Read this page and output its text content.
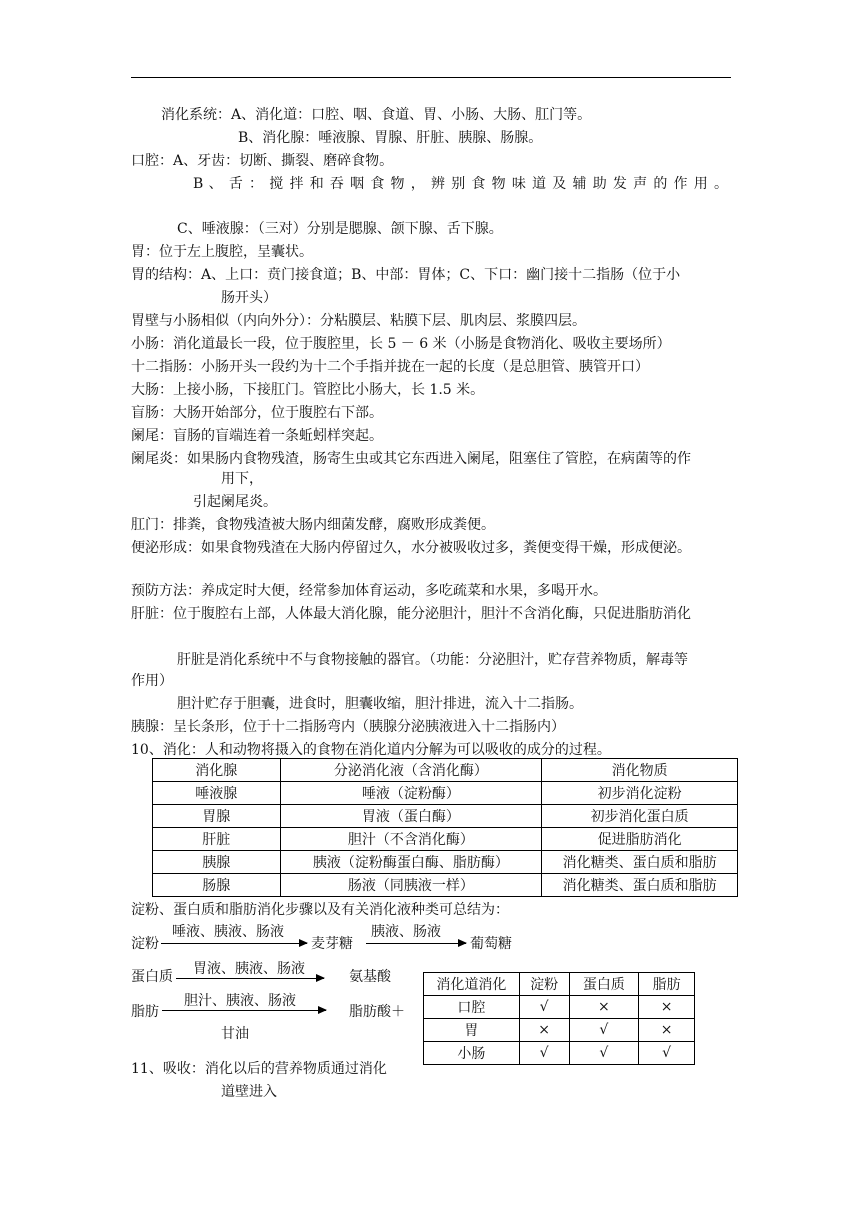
消化系统：A、消化道：口腔、咽、食道、胃、小肠、大肠、肛门等。
B、消化腺：唾液腺、胃腺、肝脏、胰腺、肠腺。
口腔：A、牙齿：切断、撕裂、磨碎食物。
B 、 舌 ： 搅 拌 和 吞 咽 食 物 ， 辨 别 食 物 味 道 及 辅 助 发 声 的 作 用 。
C、唾液腺：（三对）分别是腮腺、颌下腺、舌下腺。
胃：位于左上腹腔，呈囊状。
胃的结构：A、上口：贲门接食道；B、中部：胃体；C、下口：幽门接十二指肠（位于小
肠开头）
胃壁与小肠相似（内向外分）：分粘膜层、粘膜下层、肌肉层、浆膜四层。
小肠：消化道最长一段，位于腹腔里，长 5 － 6 米（小肠是食物消化、吸收主要场所）
十二指肠：小肠开头一段约为十二个手指并拢在一起的长度（是总胆管、胰管开口）
大肠：上接小肠，下接肛门。管腔比小肠大，长 1.5 米。
盲肠：大肠开始部分，位于腹腔右下部。
阑尾：盲肠的盲端连着一条蚯蚓样突起。
阑尾炎：如果肠内食物残渣，肠寄生虫或其它东西进入阑尾，阻塞住了管腔，在病菌等的作
用下，
引起阑尾炎。
肛门：排粪，食物残渣被大肠内细菌发酵，腐败形成粪便。
便泌形成：如果食物残渣在大肠内停留过久，水分被吸收过多，粪便变得干燥，形成便泌。
预防方法：养成定时大便，经常参加体育运动，多吃疏菜和水果，多喝开水。
肝脏：位于腹腔右上部，人体最大消化腺，能分泌胆汁，胆汁不含消化酶，只促进脂肪消化
肝脏是消化系统中不与食物接触的器官。（功能：分泌胆汁，贮存营养物质，解毒等
作用）
胆汁贮存于胆囊，进食时，胆囊收缩，胆汁排进，流入十二指肠。
胰腺：呈长条形，位于十二指肠弯内（胰腺分泌胰液进入十二指肠内）
10、消化：人和动物将摄入的食物在消化道内分解为可以吸收的成分的过程。
消化腺	分泌消化液（含消化酶）	消化物质
唾液腺	唾液（淀粉酶）	初步消化淀粉
胃腺	胃液（蛋白酶）	初步消化蛋白质
肝脏	胆汁（不含消化酶）	促进脂肪消化
胰腺	胰液（淀粉酶蛋白酶、脂肪酶）	消化糖类、蛋白质和脂肪
肠腺	肠液（同胰液一样）	消化糖类、蛋白质和脂肪
淀粉、蛋白质和脂肪消化步骤以及有关消化液种类可总结为：
淀粉
唾液、胰液、肠液
麦芽糖
胰液、肠液
葡萄糖
蛋白质 胃液、胰液、肠液	氨基酸
脂肪
胆汁、胰液、肠液
脂肪酸＋
甘油
消化道消化	淀粉	蛋白质	脂肪
口腔	√	×	×
胃	×	√	×
小肠	√	√	√
11、吸收：消化以后的营养物质通过消化
道壁进入
